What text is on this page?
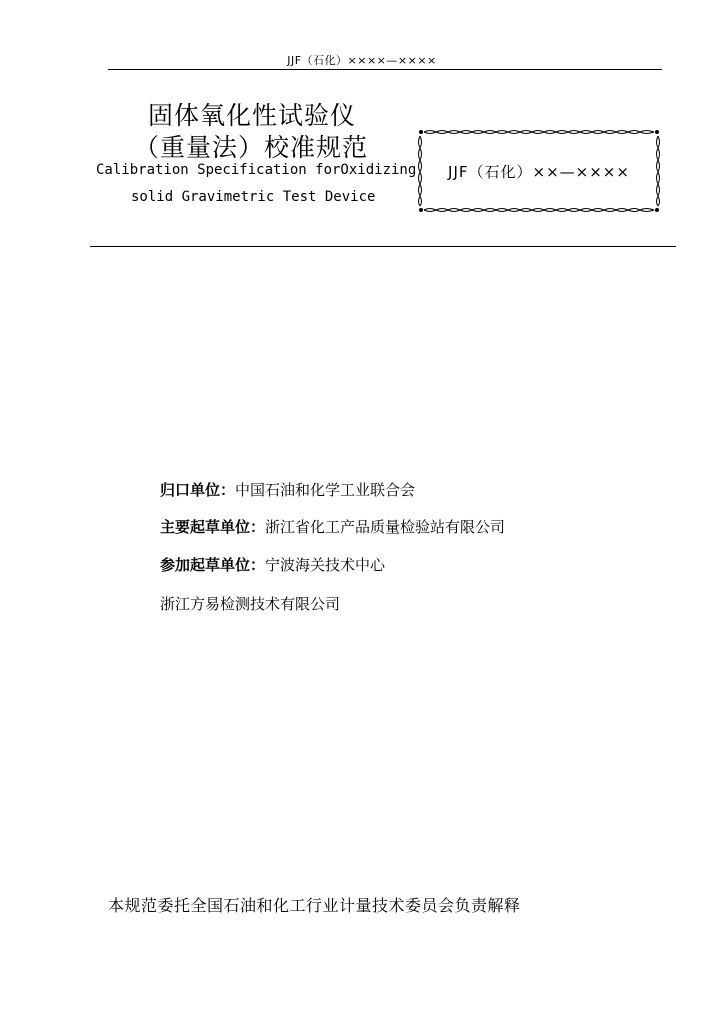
JJF（石化）××××—××××
固体氧化性试验仪
（重量法）校准规范
Calibration Specification forOxidizing
solid Gravimetric Test Device
JJF（石化）××—××××
归口单位：中国石油和化学工业联合会
主要起草单位：浙江省化工产品质量检验站有限公司
参加起草单位：宁波海关技术中心
浙江方易检测技术有限公司
本规范委托全国石油和化工行业计量技术委员会负责解释
